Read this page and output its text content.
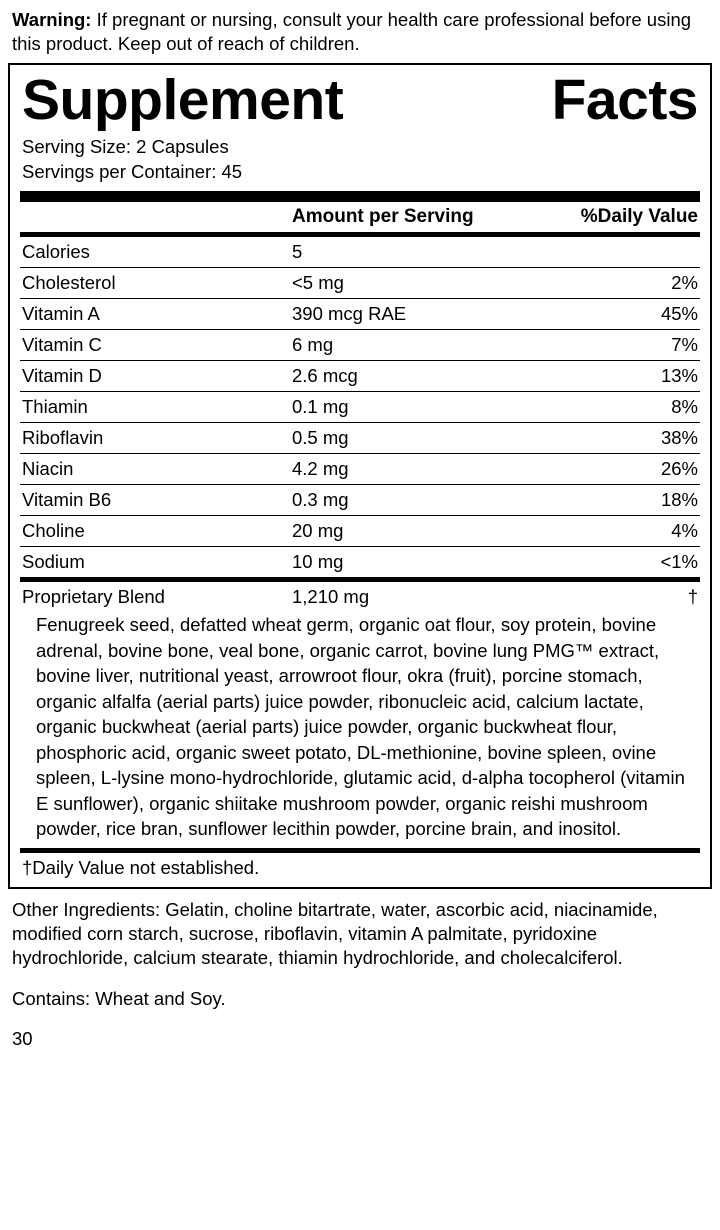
Warning: If pregnant or nursing, consult your health care professional before using this product. Keep out of reach of children.
Supplement	Facts
Serving Size: 2 Capsules
Servings per Container: 45
	Amount per Serving	%Daily Value
Calories	5	
Cholesterol	<5 mg	2%
Vitamin A	390 mcg RAE	45%
Vitamin C	6 mg	7%
Vitamin D	2.6 mcg	13%
Thiamin	0.1 mg	8%
Riboflavin	0.5 mg	38%
Niacin	4.2 mg	26%
Vitamin B6	0.3 mg	18%
Choline	20 mg	4%
Sodium	10 mg	<1%
Proprietary Blend	1,210 mg	†
Fenugreek seed, defatted wheat germ, organic oat flour, soy protein, bovine adrenal, bovine bone, veal bone, organic carrot, bovine lung PMG™ extract, bovine liver, nutritional yeast, arrowroot flour, okra (fruit), porcine stomach, organic alfalfa (aerial parts) juice powder, ribonucleic acid, calcium lactate, organic buckwheat (aerial parts) juice powder, organic buckwheat flour, phosphoric acid, organic sweet potato, DL-methionine, bovine spleen, ovine spleen, L-lysine mono-hydrochloride, glutamic acid, d-alpha tocopherol (vitamin E sunflower), organic shiitake mushroom powder, organic reishi mushroom powder, rice bran, sunflower lecithin powder, porcine brain, and inositol.
†Daily Value not established.
Other Ingredients: Gelatin, choline bitartrate, water, ascorbic acid, niacinamide, modified corn starch, sucrose, riboflavin, vitamin A palmitate, pyridoxine hydrochloride, calcium stearate, thiamin hydrochloride, and cholecalciferol.
Contains: Wheat and Soy.
30
